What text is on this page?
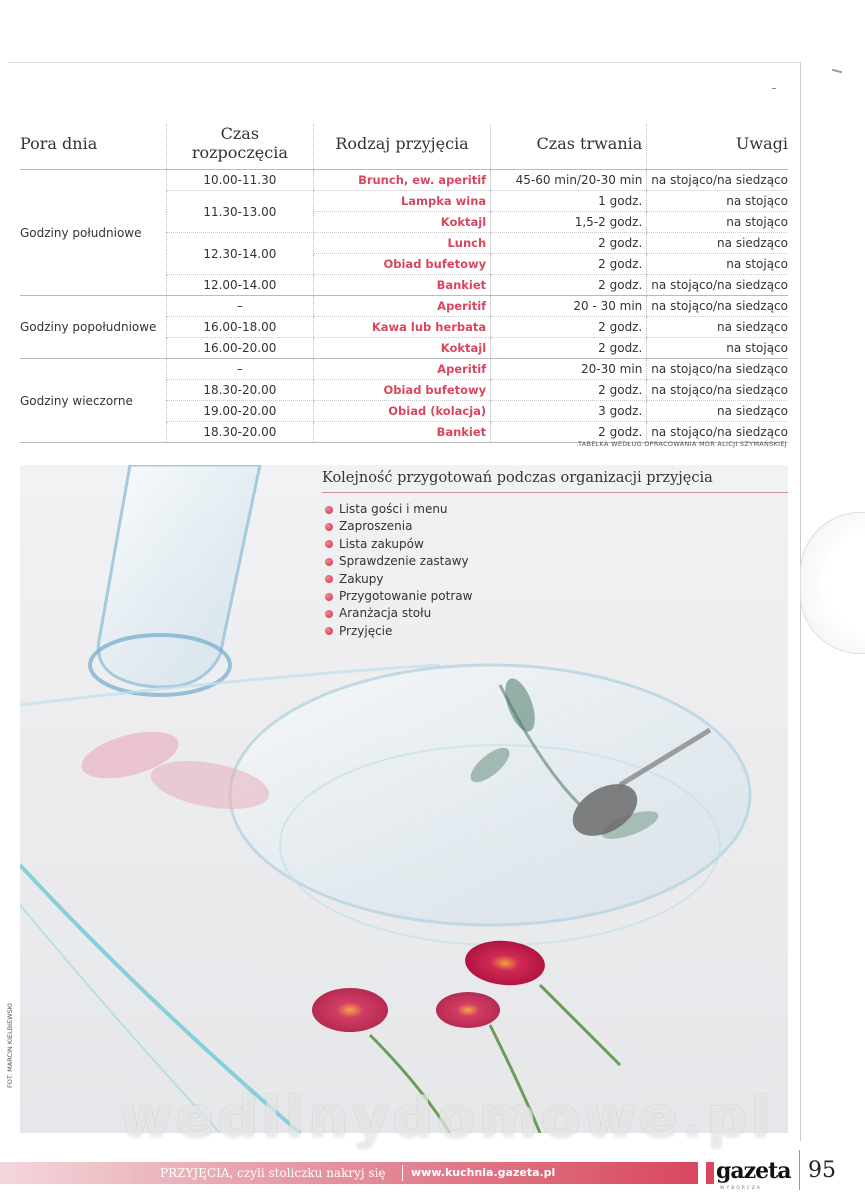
Pora dnia	Czas rozpoczęcia	Rodzaj przyjęcia	Czas trwania	Uwagi
Godziny południowe	10.00-11.30	Brunch, ew. aperitif	45-60 min/20-30 min	na stojąco/na siedząco
	11.30-13.00	Lampka wina	1 godz.	na stojąco
		Koktajl	1,5-2 godz.	na stojąco
	12.30-14.00	Lunch	2 godz.	na siedząco
		Obiad bufetowy	2 godz.	na stojąco
	12.00-14.00	Bankiet	2 godz.	na stojąco/na siedząco
Godziny popołudniowe	–	Aperitif	20 - 30 min	na stojąco/na siedząco
	16.00-18.00	Kawa lub herbata	2 godz.	na siedząco
	16.00-20.00	Koktajl	2 godz.	na stojąco
Godziny wieczorne	–	Aperitif	20-30 min	na stojąco/na siedząco
	18.30-20.00	Obiad bufetowy	2 godz.	na stojąco/na siedząco
	19.00-20.00	Obiad (kolacja)	3 godz.	na siedząco
	18.30-20.00	Bankiet	2 godz.	na stojąco/na siedząco
TABELKA WEDŁUG OPRACOWANIA MGR ALICJI SZYMAŃSKIEJ
FOT. MARCIN KIELBIEWSKI
Kolejność przygotowań podczas organizacji przyjęcia
Lista gości i menu
Zaproszenia
Lista zakupów
Sprawdzenie zastawy
Zakupy
Przygotowanie potraw
Aranżacja stołu
Przyjęcie
wedlinydomowe.pl
PRZYJĘCIA, czyli stoliczku nakryj się www.kuchnia.gazeta.pl	gazeta
WYBORCZA
95
